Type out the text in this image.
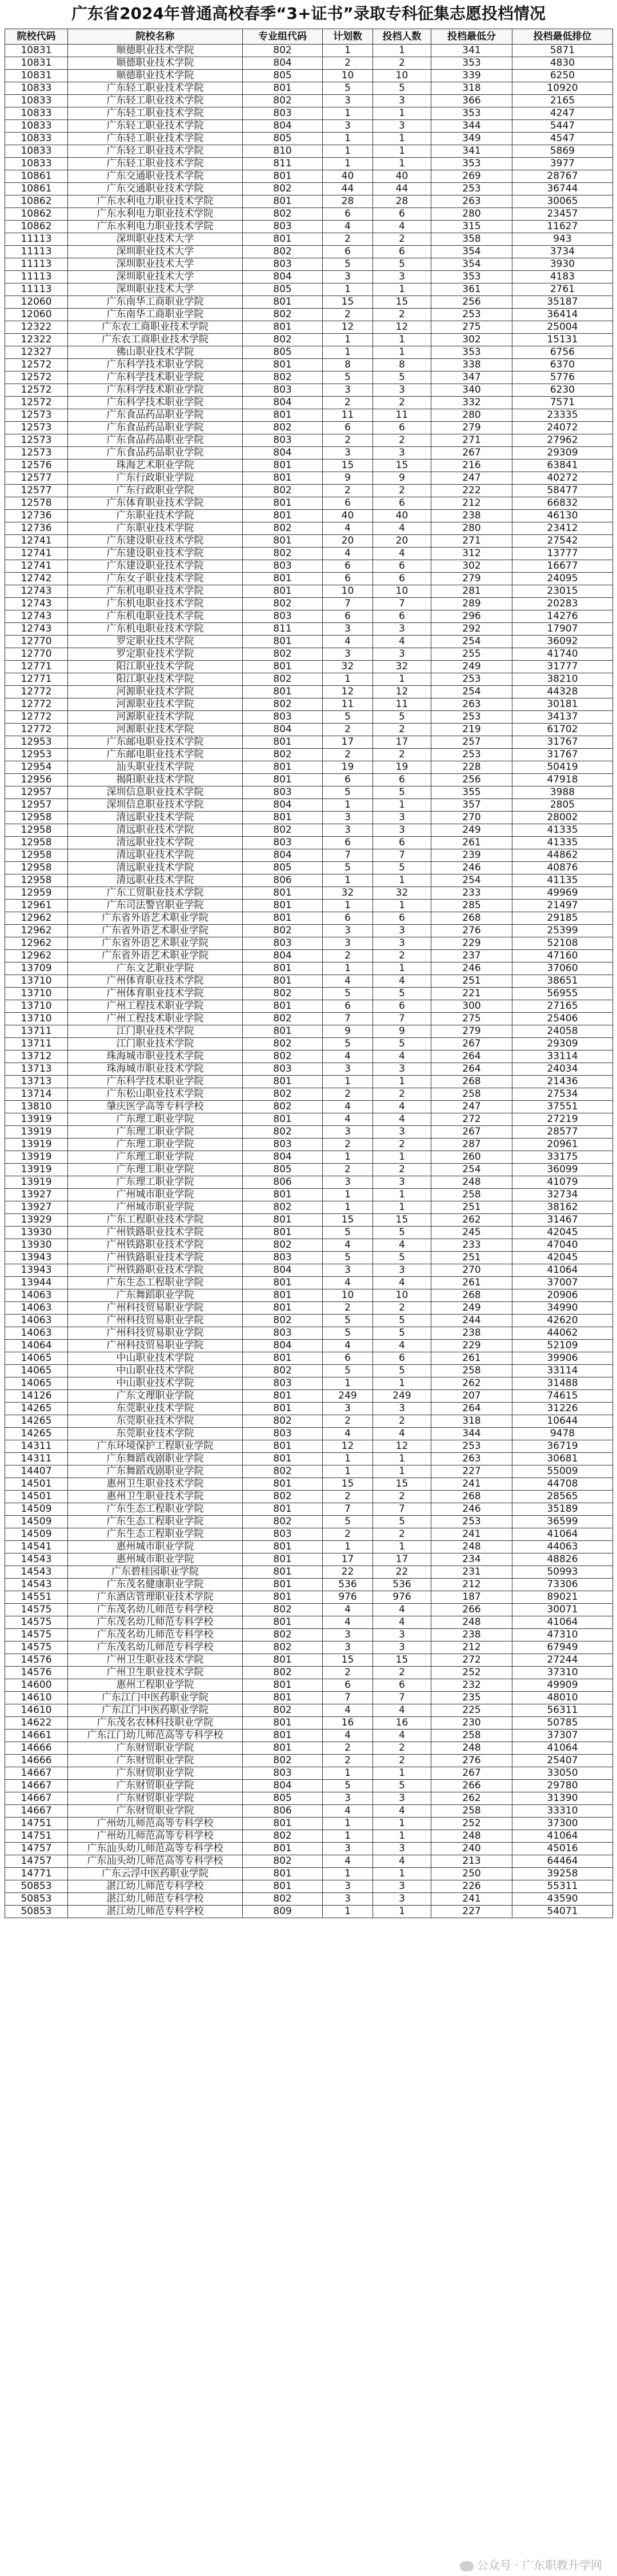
广东省2024年普通高校春季“3+证书”录取专科征集志愿投档情况
院校代码	院校名称	专业组代码	计划数	投档人数	投档最低分	投档最低排位
10831	顺德职业技术学院	802	1	1	341	5871
10831	顺德职业技术学院	804	2	2	353	4830
10831	顺德职业技术学院	805	10	10	339	6250
10833	广东轻工职业技术学院	801	5	5	318	10920
10833	广东轻工职业技术学院	802	3	3	366	2165
10833	广东轻工职业技术学院	803	1	1	353	4247
10833	广东轻工职业技术学院	804	3	3	344	5447
10833	广东轻工职业技术学院	805	1	1	349	4547
10833	广东轻工职业技术学院	810	1	1	341	5869
10833	广东轻工职业技术学院	811	1	1	353	3977
10861	广东交通职业技术学院	801	40	40	269	28767
10861	广东交通职业技术学院	802	44	44	253	36744
10862	广东水利电力职业技术学院	801	28	28	263	30065
10862	广东水利电力职业技术学院	802	6	6	280	23457
10862	广东水利电力职业技术学院	803	4	4	315	11627
11113	深圳职业技术大学	801	2	2	358	943
11113	深圳职业技术大学	802	6	6	354	3734
11113	深圳职业技术大学	803	5	5	354	3930
11113	深圳职业技术大学	804	3	3	353	4183
11113	深圳职业技术大学	805	1	1	361	2761
12060	广东南华工商职业学院	801	15	15	256	35187
12060	广东南华工商职业学院	802	2	2	253	36414
12322	广东农工商职业技术学院	801	12	12	275	25004
12322	广东农工商职业技术学院	802	1	1	302	15131
12327	佛山职业技术学院	805	1	1	353	6756
12572	广东科学技术职业学院	801	8	8	338	6370
12572	广东科学技术职业学院	802	5	5	347	5776
12572	广东科学技术职业学院	803	3	3	340	6230
12572	广东科学技术职业学院	804	2	2	332	7571
12573	广东食品药品职业学院	801	11	11	280	23335
12573	广东食品药品职业学院	802	6	6	279	24072
12573	广东食品药品职业学院	803	2	2	271	27962
12573	广东食品药品职业学院	804	3	3	267	29309
12576	珠海艺术职业学院	801	15	15	216	63841
12577	广东行政职业学院	801	9	9	247	40272
12577	广东行政职业学院	802	2	2	222	58477
12578	广东体育职业技术学院	801	6	6	212	66832
12736	广东职业技术学院	801	40	40	238	46130
12736	广东职业技术学院	802	4	4	280	23412
12741	广东建设职业技术学院	801	20	20	271	27542
12741	广东建设职业技术学院	802	4	4	312	13777
12741	广东建设职业技术学院	803	6	6	302	16677
12742	广东女子职业技术学院	801	6	6	279	24095
12743	广东机电职业技术学院	801	10	10	281	23015
12743	广东机电职业技术学院	802	7	7	289	20283
12743	广东机电职业技术学院	803	6	6	296	14276
12743	广东机电职业技术学院	811	3	3	292	17907
12770	罗定职业技术学院	801	4	4	254	36092
12770	罗定职业技术学院	802	3	3	255	41740
12771	阳江职业技术学院	801	32	32	249	31777
12771	阳江职业技术学院	802	1	1	253	38210
12772	河源职业技术学院	801	12	12	254	44328
12772	河源职业技术学院	802	11	11	263	30181
12772	河源职业技术学院	803	5	5	253	34137
12772	河源职业技术学院	804	2	2	219	61702
12953	广东邮电职业技术学院	801	17	17	257	31767
12953	广东邮电职业技术学院	802	2	2	253	31767
12954	汕头职业技术学院	801	19	19	228	50419
12956	揭阳职业技术学院	801	6	6	256	47918
12957	深圳信息职业技术学院	803	5	5	355	3988
12957	深圳信息职业技术学院	804	1	1	357	2805
12958	清远职业技术学院	801	3	3	270	28002
12958	清远职业技术学院	802	3	3	249	41335
12958	清远职业技术学院	803	6	6	261	41335
12958	清远职业技术学院	804	7	7	239	44862
12958	清远职业技术学院	805	5	5	246	40876
12958	清远职业技术学院	806	1	1	254	41135
12959	广东工贸职业技术学院	801	32	32	233	49969
12961	广东司法警官职业学院	801	1	1	285	21497
12962	广东省外语艺术职业学院	801	6	6	268	29185
12962	广东省外语艺术职业学院	802	3	3	276	25399
12962	广东省外语艺术职业学院	803	3	3	229	52108
12962	广东省外语艺术职业学院	804	2	2	237	47160
13709	广东文艺职业学院	801	1	1	246	37060
13710	广州体育职业技术学院	801	4	4	251	38651
13710	广州体育职业技术学院	802	5	5	221	56955
13710	广州工程技术职业学院	801	6	6	300	27165
13710	广州工程技术职业学院	802	7	7	275	25406
13711	江门职业技术学院	801	9	9	279	24058
13711	江门职业技术学院	802	5	5	267	29309
13712	珠海城市职业技术学院	802	4	4	264	33114
13713	珠海城市职业技术学院	803	3	3	264	24034
13713	广东科学技术职业学院	801	1	1	268	21436
13714	广东松山职业技术学院	802	2	2	258	27534
13810	肇庆医学高等专科学校	802	4	4	247	37551
13919	广东理工职业学院	801	4	4	272	27219
13919	广东理工职业学院	802	3	3	267	28577
13919	广东理工职业学院	803	2	2	287	20961
13919	广东理工职业学院	804	1	1	260	33175
13919	广东理工职业学院	805	2	2	254	36099
13919	广东理工职业学院	806	3	3	248	41079
13927	广州城市职业学院	801	1	1	258	32734
13927	广州城市职业学院	802	1	1	251	38162
13929	广东工程职业技术学院	801	15	15	262	31467
13930	广州铁路职业技术学院	801	5	5	245	42045
13930	广州铁路职业技术学院	802	4	4	233	47040
13943	广州铁路职业技术学院	803	5	5	251	42045
13943	广州铁路职业技术学院	804	3	3	270	41064
13944	广东生态工程职业学院	801	4	4	261	37007
14063	广东舞蹈职业学院	801	10	10	268	20906
14063	广州科技贸易职业学院	801	2	2	249	34990
14063	广州科技贸易职业学院	802	5	5	244	42620
14063	广州科技贸易职业学院	803	5	5	238	44062
14064	广州科技贸易职业学院	804	4	4	229	52109
14065	中山职业技术学院	801	6	6	261	39906
14065	中山职业技术学院	802	5	5	258	33114
14065	中山职业技术学院	803	1	1	262	31488
14126	广东文理职业学院	801	249	249	207	74615
14265	东莞职业技术学院	801	3	3	264	31226
14265	东莞职业技术学院	802	2	2	318	10644
14265	东莞职业技术学院	803	4	4	344	9478
14311	广东环境保护工程职业学院	801	12	12	253	36719
14311	广东舞蹈戏剧职业学院	801	1	1	263	30681
14407	广东舞蹈戏剧职业学院	802	1	1	227	55009
14501	惠州卫生职业技术学院	801	15	15	241	44708
14501	惠州卫生职业技术学院	802	2	2	268	28565
14509	广东生态工程职业学院	801	7	7	246	35189
14509	广东生态工程职业学院	802	5	5	253	36599
14509	广东生态工程职业学院	803	2	2	241	41064
14541	惠州城市职业学院	801	1	1	248	44063
14543	惠州城市职业学院	801	17	17	234	48826
14543	广东碧桂园职业学院	801	22	22	231	50993
14543	广东茂名健康职业学院	801	536	536	212	73306
14551	广东酒店管理职业技术学院	801	976	976	187	89021
14575	广东茂名幼儿师范专科学校	802	4	4	266	30071
14575	广东茂名幼儿师范专科学校	801	4	4	248	41064
14575	广东茂名幼儿师范专科学校	802	3	3	238	47310
14575	广东茂名幼儿师范专科学校	802	3	3	212	67949
14576	广州卫生职业技术学院	801	15	15	272	27244
14576	广州卫生职业技术学院	802	2	2	252	37310
14600	惠州工程职业学院	801	6	6	232	49909
14610	广东江门中医药职业学院	801	7	7	235	48010
14610	广东江门中医药职业学院	802	4	4	225	56311
14622	广东茂名农林科技职业学院	801	16	16	230	50785
14661	广东江门幼儿师范高等专科学校	801	4	4	258	37307
14666	广东财贸职业学院	801	2	2	248	41064
14666	广东财贸职业学院	802	2	2	276	25407
14667	广东财贸职业学院	803	1	1	267	33050
14667	广东财贸职业学院	804	5	5	266	29780
14667	广东财贸职业学院	805	3	3	262	31390
14667	广东财贸职业学院	806	4	4	258	33310
14751	广州幼儿师范高等专科学校	801	1	1	252	37300
14751	广州幼儿师范高等专科学校	802	1	1	248	41064
14757	广东汕头幼儿师范高等专科学校	801	3	3	240	45016
14757	广东汕头幼儿师范高等专科学校	802	4	4	213	64464
14771	广东云浮中医药职业学院	801	1	1	250	39258
50853	湛江幼儿师范专科学校	801	3	3	226	55311
50853	湛江幼儿师范专科学校	802	3	3	241	43590
50853	湛江幼儿师范专科学校	809	1	1	227	54071
公众号 · 广东职教升学网
